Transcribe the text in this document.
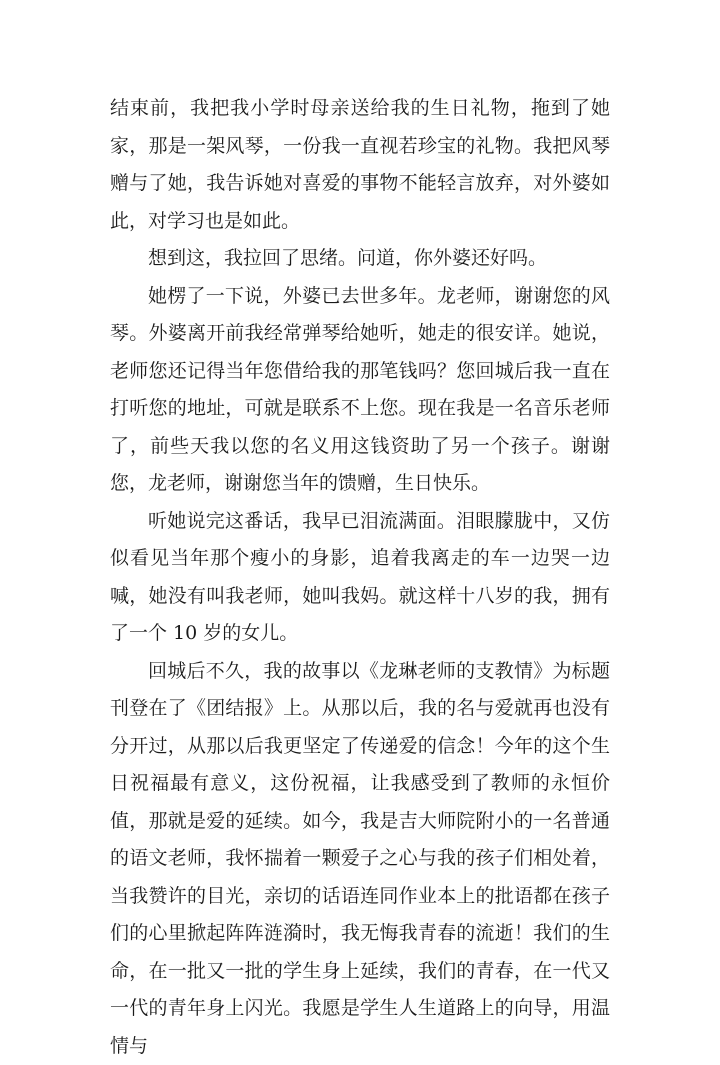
结束前，我把我小学时母亲送给我的生日礼物，拖到了她家，那是一架风琴，一份我一直视若珍宝的礼物。我把风琴赠与了她，我告诉她对喜爱的事物不能轻言放弃，对外婆如此，对学习也是如此。

想到这，我拉回了思绪。问道，你外婆还好吗。

她楞了一下说，外婆已去世多年。龙老师，谢谢您的风琴。外婆离开前我经常弹琴给她听，她走的很安详。她说，老师您还记得当年您借给我的那笔钱吗？您回城后我一直在打听您的地址，可就是联系不上您。现在我是一名音乐老师了，前些天我以您的名义用这钱资助了另一个孩子。谢谢您，龙老师，谢谢您当年的馈赠，生日快乐。

听她说完这番话，我早已泪流满面。泪眼朦胧中，又仿似看见当年那个瘦小的身影，追着我离走的车一边哭一边喊，她没有叫我老师，她叫我妈。就这样十八岁的我，拥有了一个 10 岁的女儿。

回城后不久，我的故事以《龙琳老师的支教情》为标题刊登在了《团结报》上。从那以后，我的名与爱就再也没有分开过，从那以后我更坚定了传递爱的信念！今年的这个生日祝福最有意义，这份祝福，让我感受到了教师的永恒价值，那就是爱的延续。如今，我是吉大师院附小的一名普通的语文老师，我怀揣着一颗爱子之心与我的孩子们相处着，当我赞许的目光，亲切的话语连同作业本上的批语都在孩子们的心里掀起阵阵涟漪时，我无悔我青春的流逝！我们的生命，在一批又一批的学生身上延续，我们的青春，在一代又一代的青年身上闪光。我愿是学生人生道路上的向导，用温情与
